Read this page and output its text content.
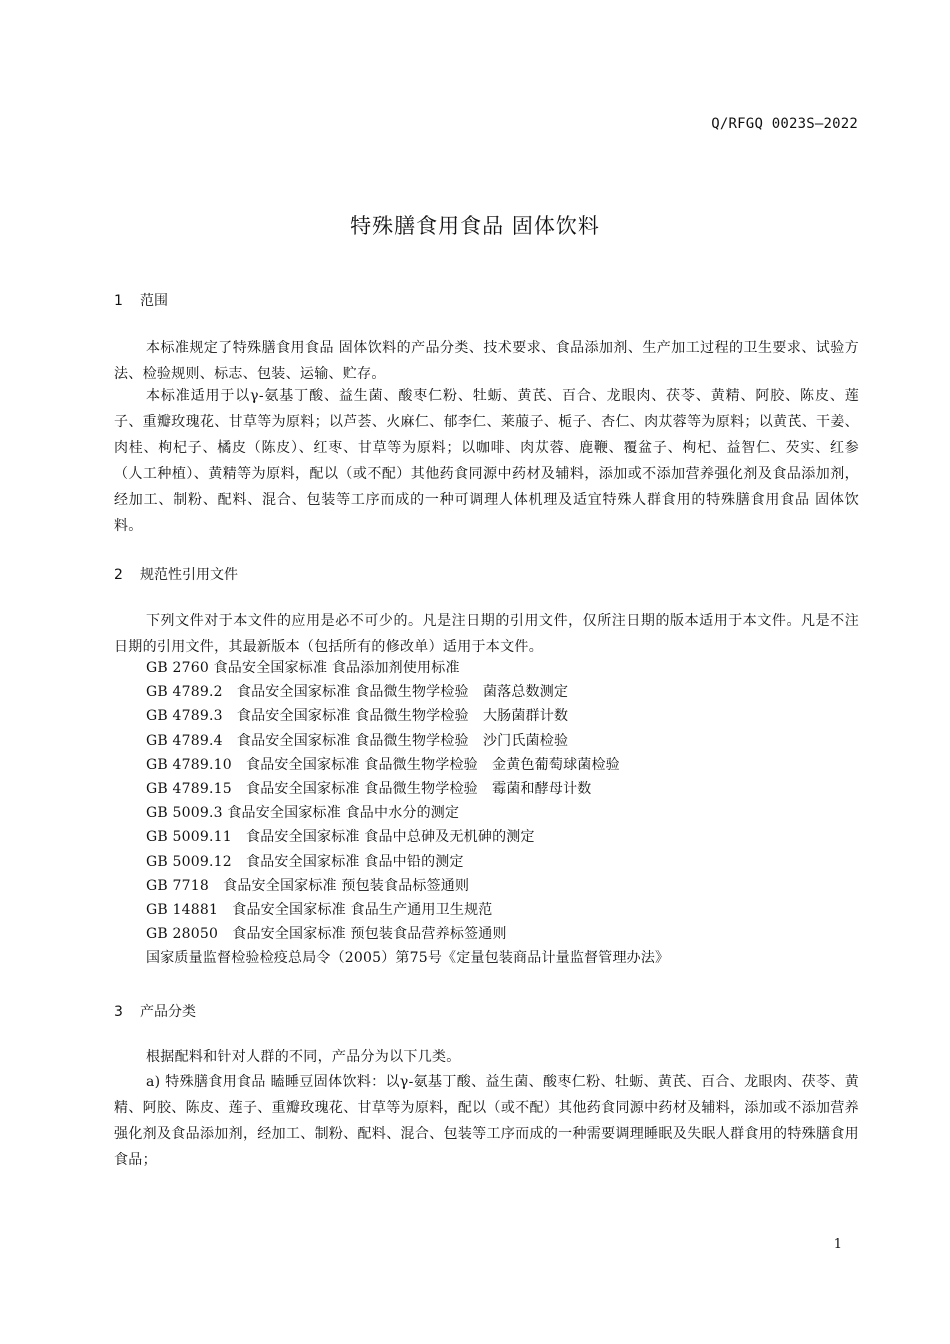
Q/RFGQ 0023S—2022
特殊膳食用食品 固体饮料
1 范围

本标准规定了特殊膳食用食品 固体饮料的产品分类、技术要求、食品添加剂、生产加工过程的卫生要求、试验方法、检验规则、标志、包装、运输、贮存。

本标准适用于以γ-氨基丁酸、益生菌、酸枣仁粉、牡蛎、黄芪、百合、龙眼肉、茯苓、黄精、阿胶、陈皮、莲子、重瓣玫瑰花、甘草等为原料；以芦荟、火麻仁、郁李仁、莱菔子、栀子、杏仁、肉苁蓉等为原料；以黄芪、干姜、肉桂、枸杞子、橘皮（陈皮）、红枣、甘草等为原料；以咖啡、肉苁蓉、鹿鞭、覆盆子、枸杞、益智仁、芡实、红参（人工种植）、黄精等为原料，配以（或不配）其他药食同源中药材及辅料，添加或不添加营养强化剂及食品添加剂，经加工、制粉、配料、混合、包装等工序而成的一种可调理人体机理及适宜特殊人群食用的特殊膳食用食品 固体饮料。

2 规范性引用文件

下列文件对于本文件的应用是必不可少的。凡是注日期的引用文件，仅所注日期的版本适用于本文件。凡是不注日期的引用文件，其最新版本（包括所有的修改单）适用于本文件。

GB 2760 食品安全国家标准 食品添加剂使用标准
GB 4789.2　食品安全国家标准 食品微生物学检验　菌落总数测定
GB 4789.3　食品安全国家标准 食品微生物学检验　大肠菌群计数
GB 4789.4　食品安全国家标准 食品微生物学检验　沙门氏菌检验
GB 4789.10　食品安全国家标准 食品微生物学检验　金黄色葡萄球菌检验
GB 4789.15　食品安全国家标准 食品微生物学检验　霉菌和酵母计数
GB 5009.3 食品安全国家标准 食品中水分的测定
GB 5009.11　食品安全国家标准 食品中总砷及无机砷的测定
GB 5009.12　食品安全国家标准 食品中铅的测定
GB 7718　食品安全国家标准 预包装食品标签通则
GB 14881　食品安全国家标准 食品生产通用卫生规范
GB 28050　食品安全国家标准 预包装食品营养标签通则
国家质量监督检验检疫总局令（2005）第75号《定量包装商品计量监督管理办法》
3 产品分类

根据配料和针对人群的不同，产品分为以下几类。

a) 特殊膳食用食品 瞌睡豆固体饮料：以γ-氨基丁酸、益生菌、酸枣仁粉、牡蛎、黄芪、百合、龙眼肉、茯苓、黄精、阿胶、陈皮、莲子、重瓣玫瑰花、甘草等为原料，配以（或不配）其他药食同源中药材及辅料，添加或不添加营养强化剂及食品添加剂，经加工、制粉、配料、混合、包装等工序而成的一种需要调理睡眠及失眠人群食用的特殊膳食用食品；

1
